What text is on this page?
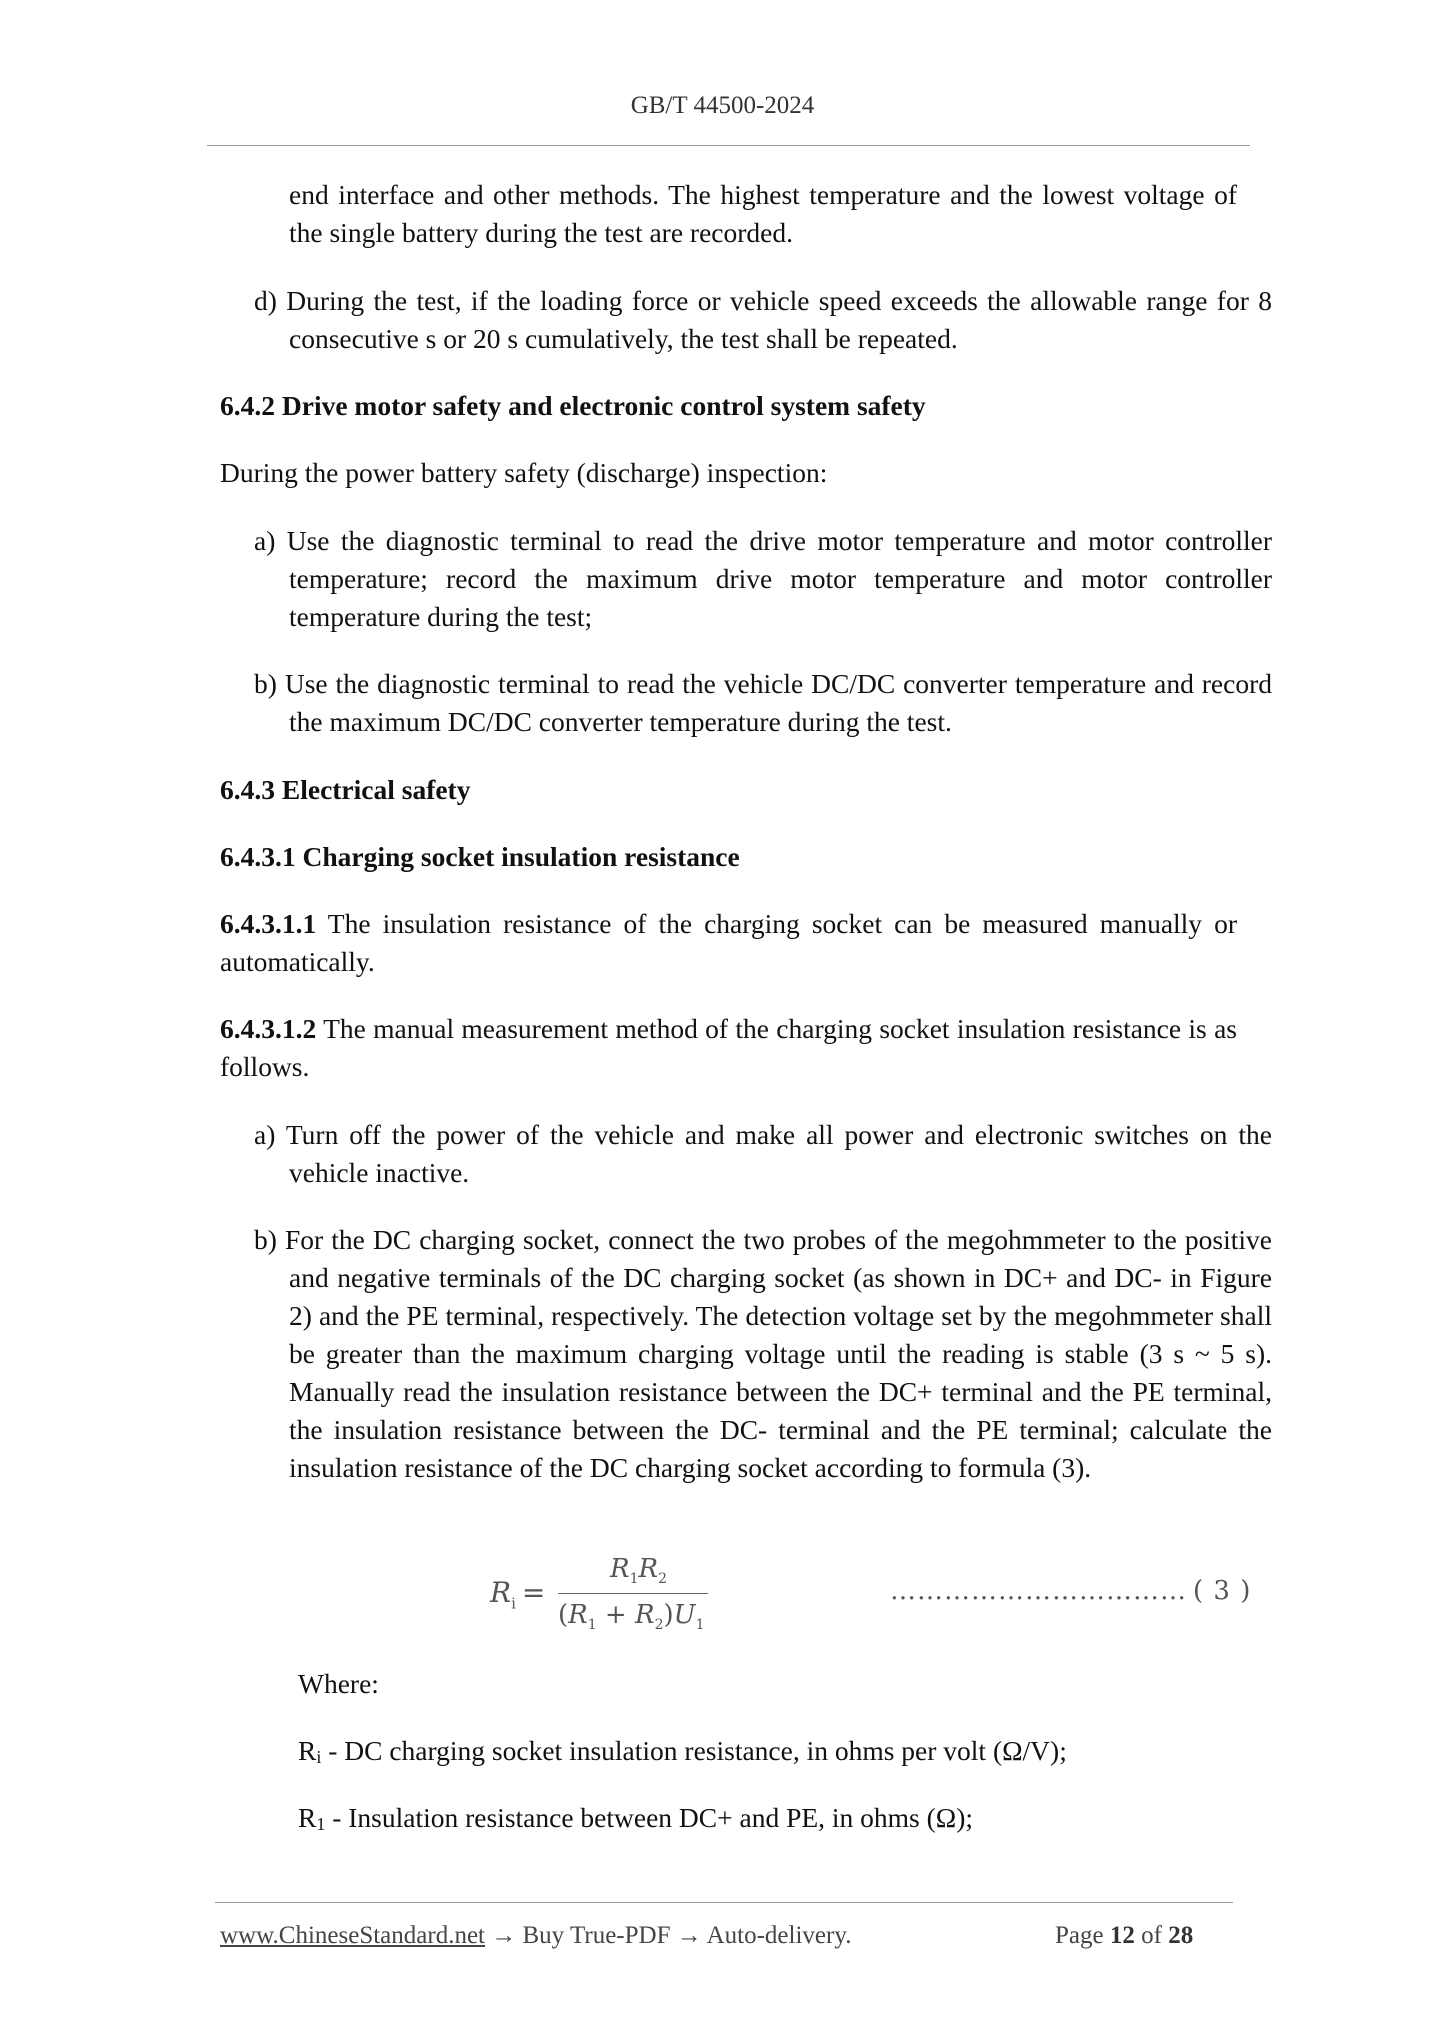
GB/T 44500-2024
end interface and other methods. The highest temperature and the lowest voltage of the single battery during the test are recorded.
d) During the test, if the loading force or vehicle speed exceeds the allowable range for 8 consecutive s or 20 s cumulatively, the test shall be repeated.
6.4.2 Drive motor safety and electronic control system safety
During the power battery safety (discharge) inspection:
a) Use the diagnostic terminal to read the drive motor temperature and motor controller temperature; record the maximum drive motor temperature and motor controller temperature during the test;
b) Use the diagnostic terminal to read the vehicle DC/DC converter temperature and record the maximum DC/DC converter temperature during the test.
6.4.3 Electrical safety
6.4.3.1 Charging socket insulation resistance
6.4.3.1.1 The insulation resistance of the charging socket can be measured manually or automatically.
6.4.3.1.2 The manual measurement method of the charging socket insulation resistance is as follows.
a) Turn off the power of the vehicle and make all power and electronic switches on the vehicle inactive.
b) For the DC charging socket, connect the two probes of the megohmmeter to the positive and negative terminals of the DC charging socket (as shown in DC+ and DC- in Figure 2) and the PE terminal, respectively. The detection voltage set by the megohmmeter shall be greater than the maximum charging voltage until the reading is stable (3 s ~ 5 s). Manually read the insulation resistance between the DC+ terminal and the PE terminal, the insulation resistance between the DC- terminal and the PE terminal; calculate the insulation resistance of the DC charging socket according to formula (3).
$R_i$ =
$R_1R_2$
$(R_1 + R_2)U_1$
…………………………… ( 3 )
Where:
Ri - DC charging socket insulation resistance, in ohms per volt (Ω/V);
R1 - Insulation resistance between DC+ and PE, in ohms (Ω);
www.ChineseStandard.net → Buy True-PDF → Auto-delivery.	Page 12 of 28
